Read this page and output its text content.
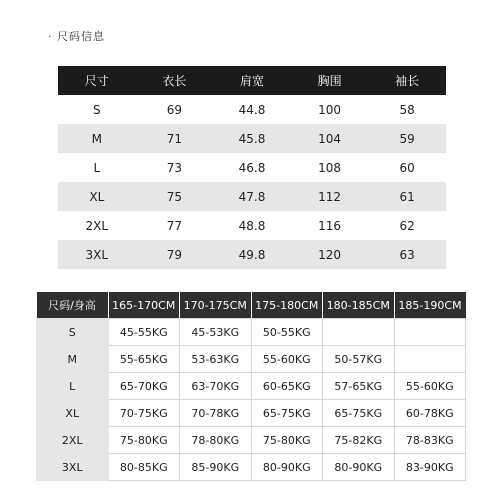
· 尺码信息
尺寸	衣长	肩宽	胸围	袖长
S	69	44.8	100	58
M	71	45.8	104	59
L	73	46.8	108	60
XL	75	47.8	112	61
2XL	77	48.8	116	62
3XL	79	49.8	120	63
尺码/身高	165-170CM	170-175CM	175-180CM	180-185CM	185-190CM
S	45-55KG	45-53KG	50-55KG		
M	55-65KG	53-63KG	55-60KG	50-57KG	
L	65-70KG	63-70KG	60-65KG	57-65KG	55-60KG
XL	70-75KG	70-78KG	65-75KG	65-75KG	60-78KG
2XL	75-80KG	78-80KG	75-80KG	75-82KG	78-83KG
3XL	80-85KG	85-90KG	80-90KG	80-90KG	83-90KG
